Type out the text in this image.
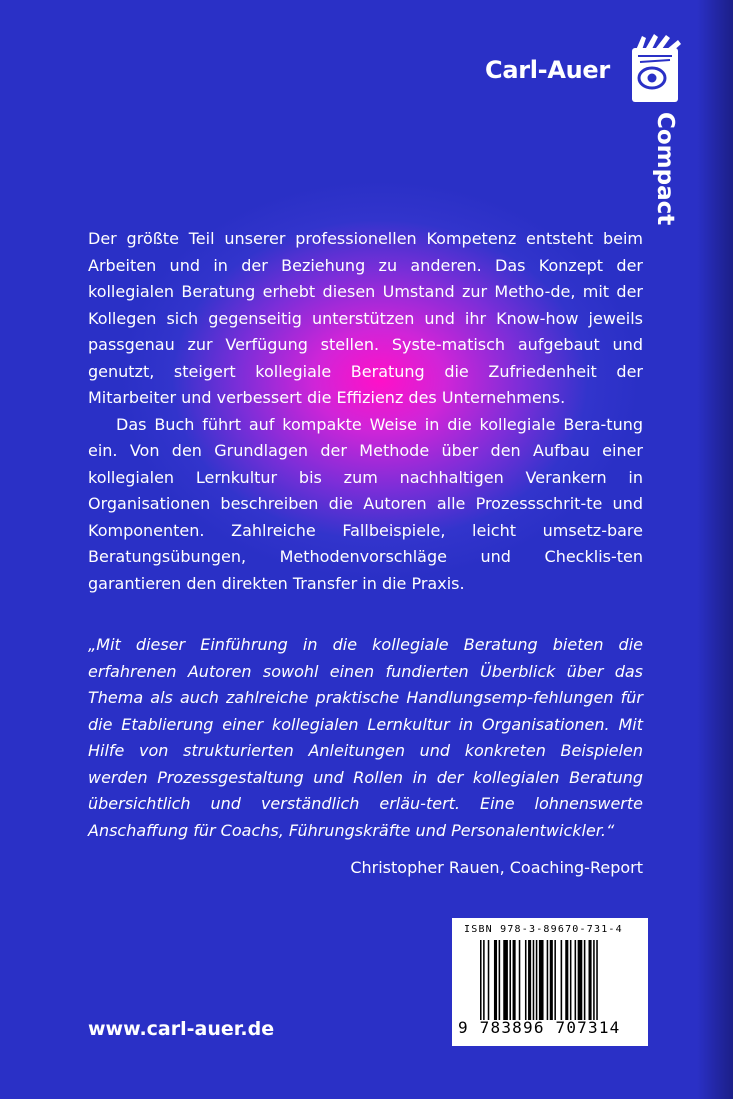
Carl-Auer
Compact

Der größte Teil unserer professionellen Kompetenz entsteht beim Arbeiten und in der Beziehung zu anderen. Das Konzept der kollegialen Beratung erhebt diesen Umstand zur Metho-de, mit der Kollegen sich gegenseitig unterstützen und ihr Know-how jeweils passgenau zur Verfügung stellen. Syste-matisch aufgebaut und genutzt, steigert kollegiale Beratung die Zufriedenheit der Mitarbeiter und verbessert die Effizienz des Unternehmens.

Das Buch führt auf kompakte Weise in die kollegiale Bera-tung ein. Von den Grundlagen der Methode über den Aufbau einer kollegialen Lernkultur bis zum nachhaltigen Verankern in Organisationen beschreiben die Autoren alle Prozessschrit-te und Komponenten. Zahlreiche Fallbeispiele, leicht umsetz-bare Beratungsübungen, Methodenvorschläge und Checklis-ten garantieren den direkten Transfer in die Praxis.

„Mit dieser Einführung in die kollegiale Beratung bieten die erfahrenen Autoren sowohl einen fundierten Überblick über das Thema als auch zahlreiche praktische Handlungsemp-fehlungen für die Etablierung einer kollegialen Lernkultur in Organisationen. Mit Hilfe von strukturierten Anleitungen und konkreten Beispielen werden Prozessgestaltung und Rollen in der kollegialen Beratung übersichtlich und verständlich erläu-tert. Eine lohnenswerte Anschaffung für Coachs, Führungskräfte und Personalentwickler.“
Christopher Rauen, Coaching-Report
www.carl-auer.de
ISBN 978-3-89670-731-4
9 783896 707314
